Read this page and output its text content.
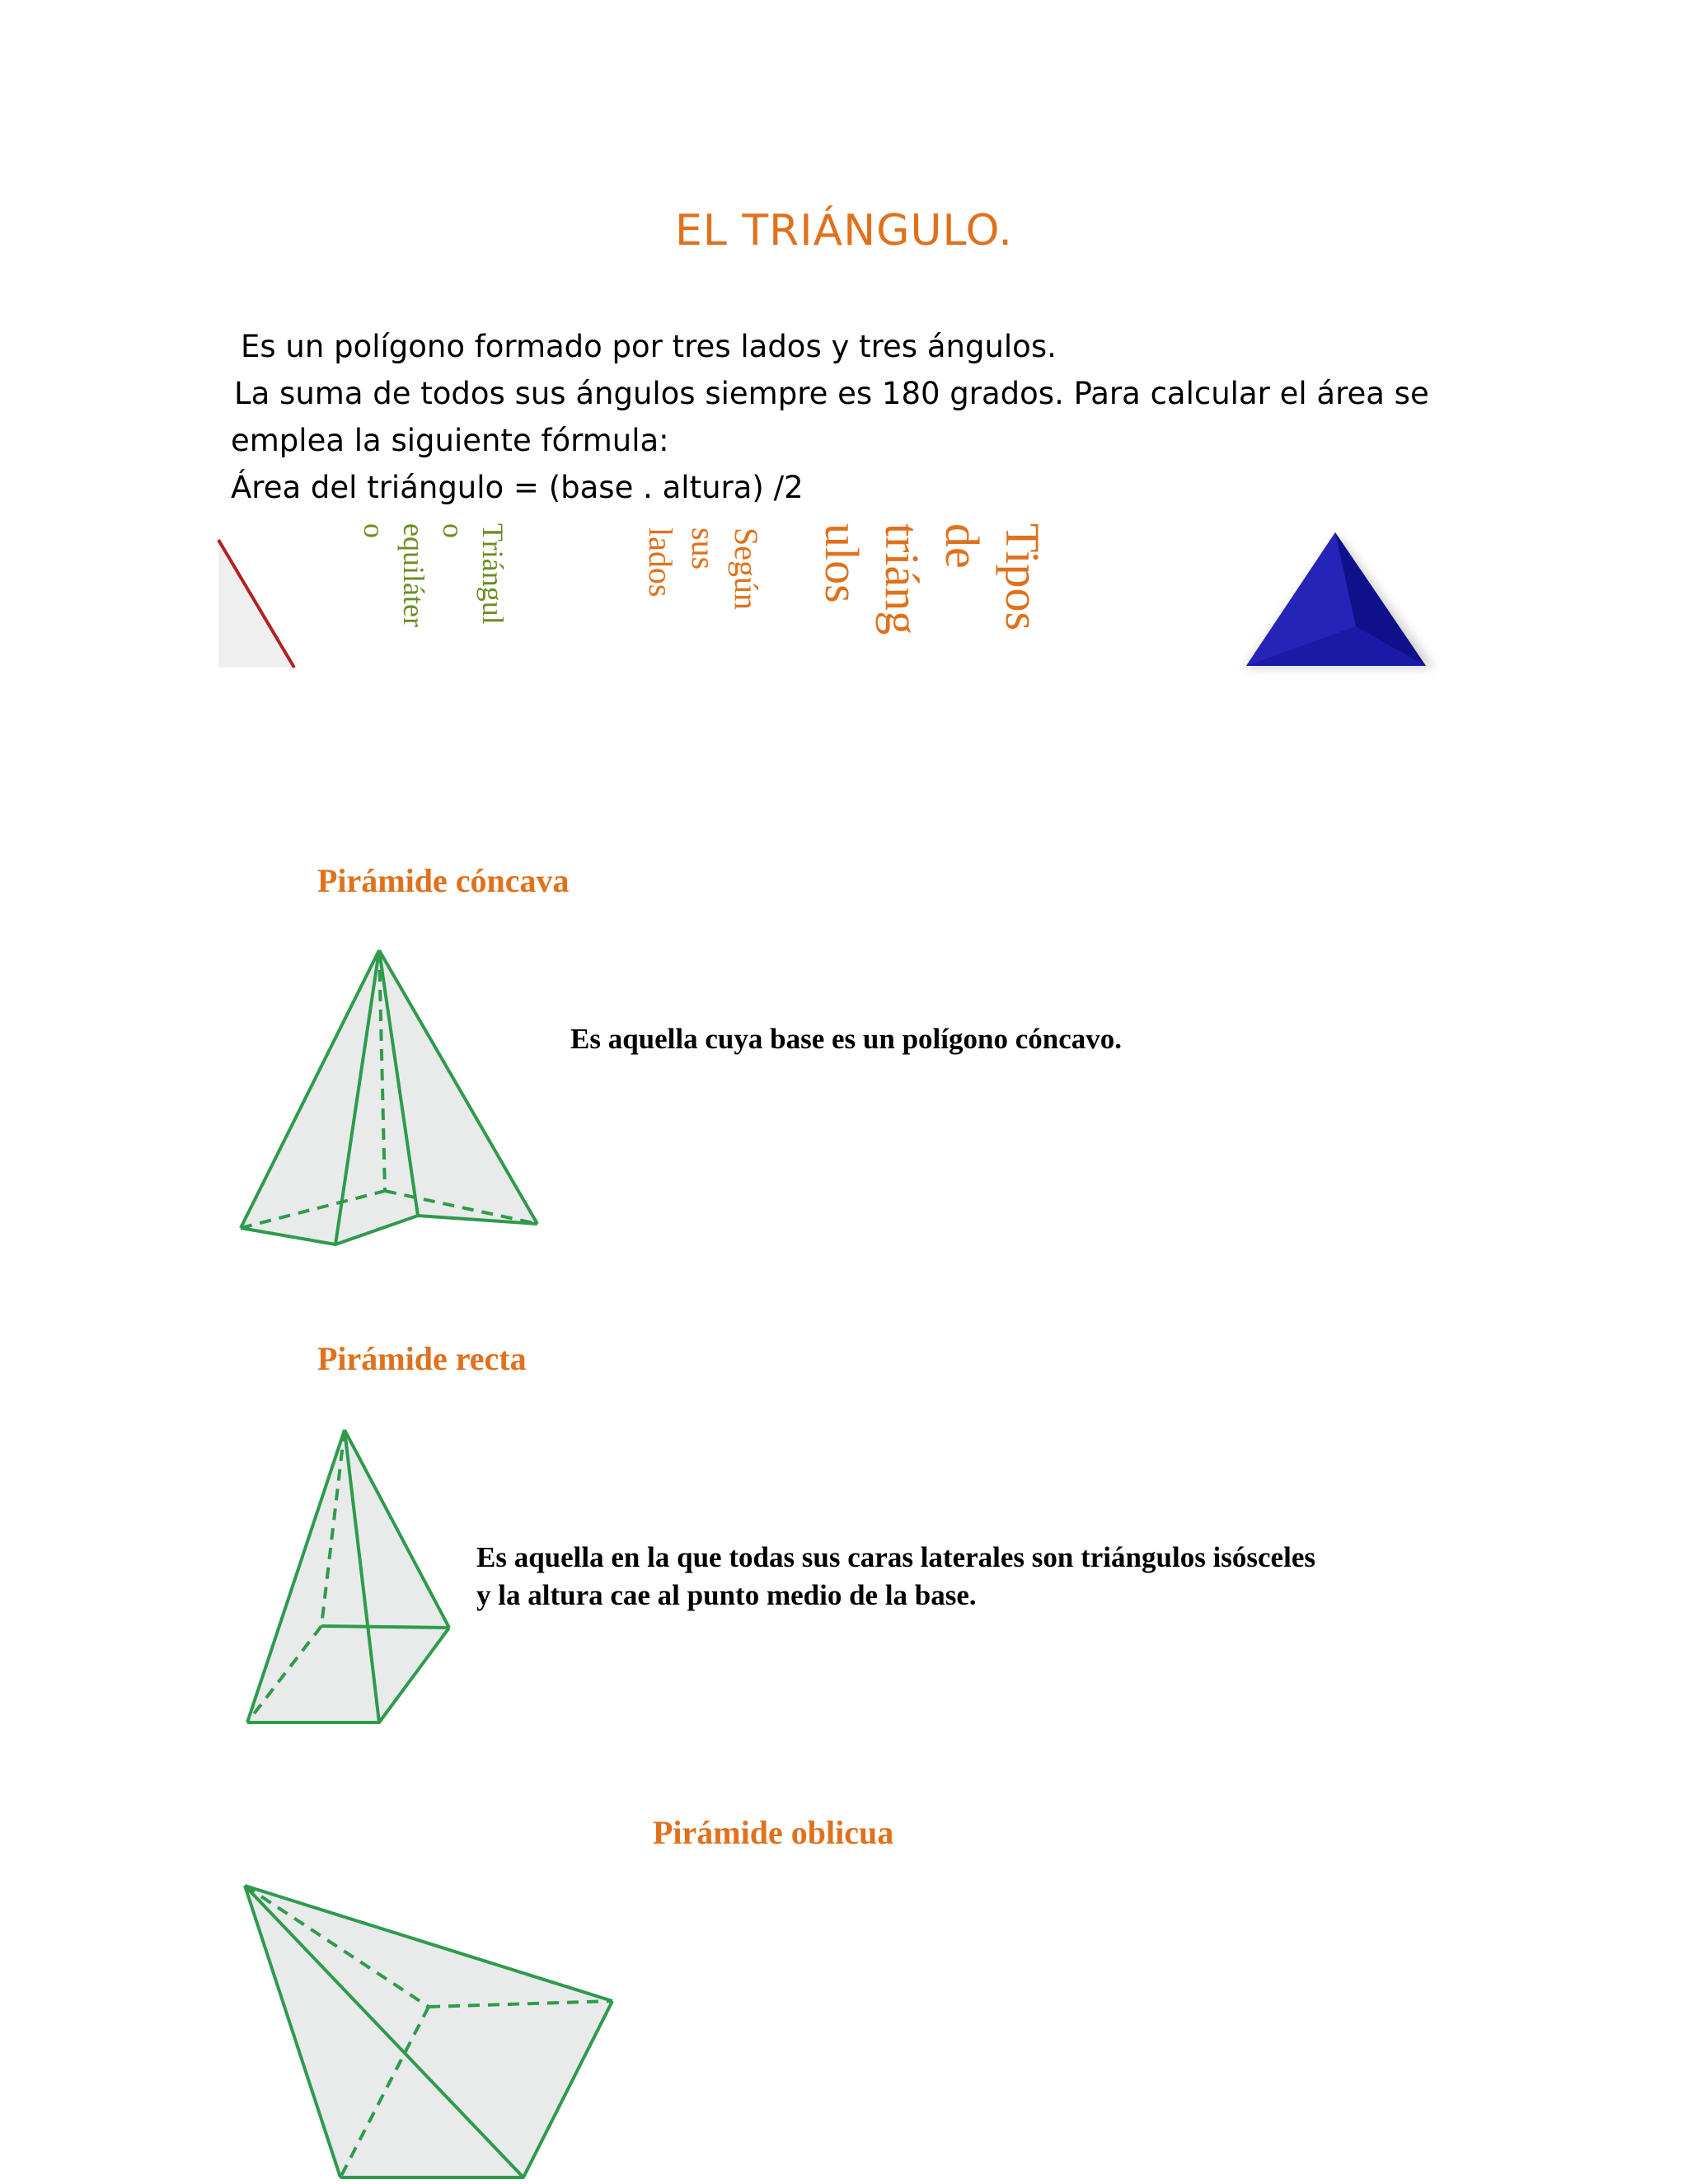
EL TRIÁNGULO.
Es un polígono formado por tres lados y tres ángulos.
La suma de todos sus ángulos siempre es 180 grados. Para calcular el área se
emplea la siguiente fórmula:
Área del triángulo = (base . altura) /2
Triángul
o
equiláter
o	Según
sus
lados	Tipos
de
triáng
ulos
Pirámide cóncava
Es aquella cuya base es un polígono cóncavo.
Pirámide recta
Es aquella en la que todas sus caras laterales son triángulos isósceles
y la altura cae al punto medio de la base.
Pirámide oblicua
